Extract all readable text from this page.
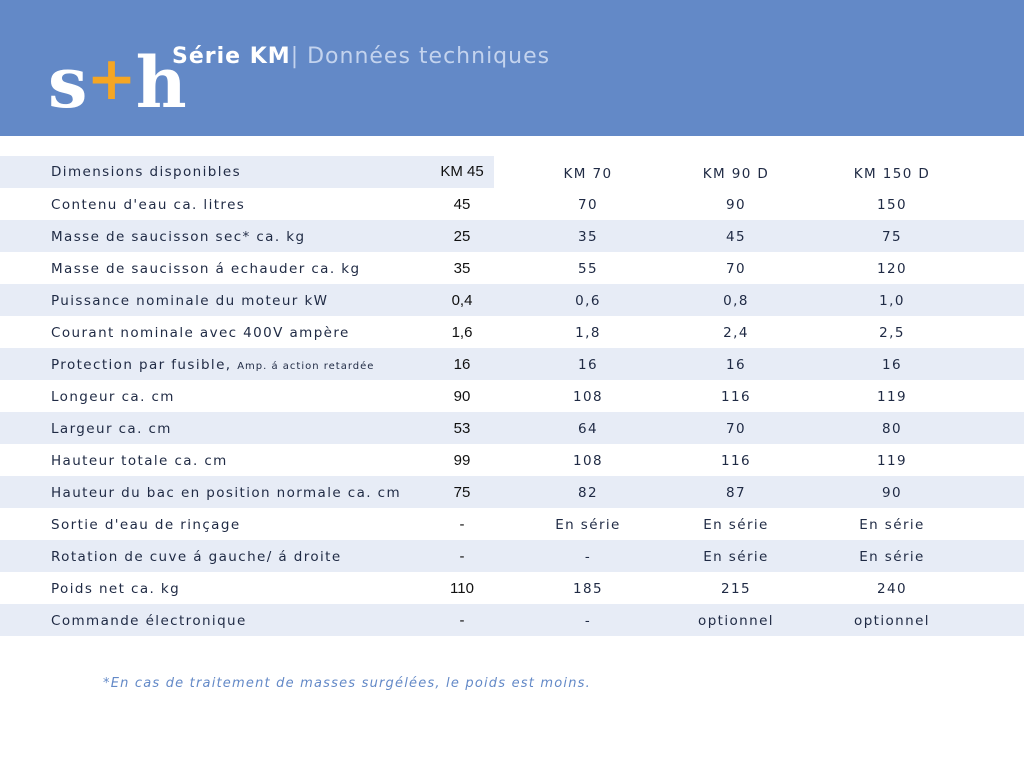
s + h
Série KM| Données techniques
Dimensions disponibles	KM 45	KM 70	KM 90 D	KM 150 D
Contenu d'eau ca. litres	45	70	90	150
Masse de saucisson sec* ca. kg	25	35	45	75
Masse de saucisson á echauder ca. kg	35	55	70	120
Puissance nominale du moteur kW	0,4	0,6	0,8	1,0
Courant nominale avec 400V ampère	1,6	1,8	2,4	2,5
Protection par fusible, Amp. á action retardée	16	16	16	16
Longeur ca. cm	90	108	116	119
Largeur ca. cm	53	64	70	80
Hauteur totale ca. cm	99	108	116	119
Hauteur du bac en position normale ca. cm	75	82	87	90
Sortie d'eau de rinçage	-	En série	En série	En série
Rotation de cuve á gauche/ á droite	-	-	En série	En série
Poids net ca. kg	110	185	215	240
Commande électronique	-	-	optionnel	optionnel
*En cas de traitement de masses surgélées, le poids est moins.
